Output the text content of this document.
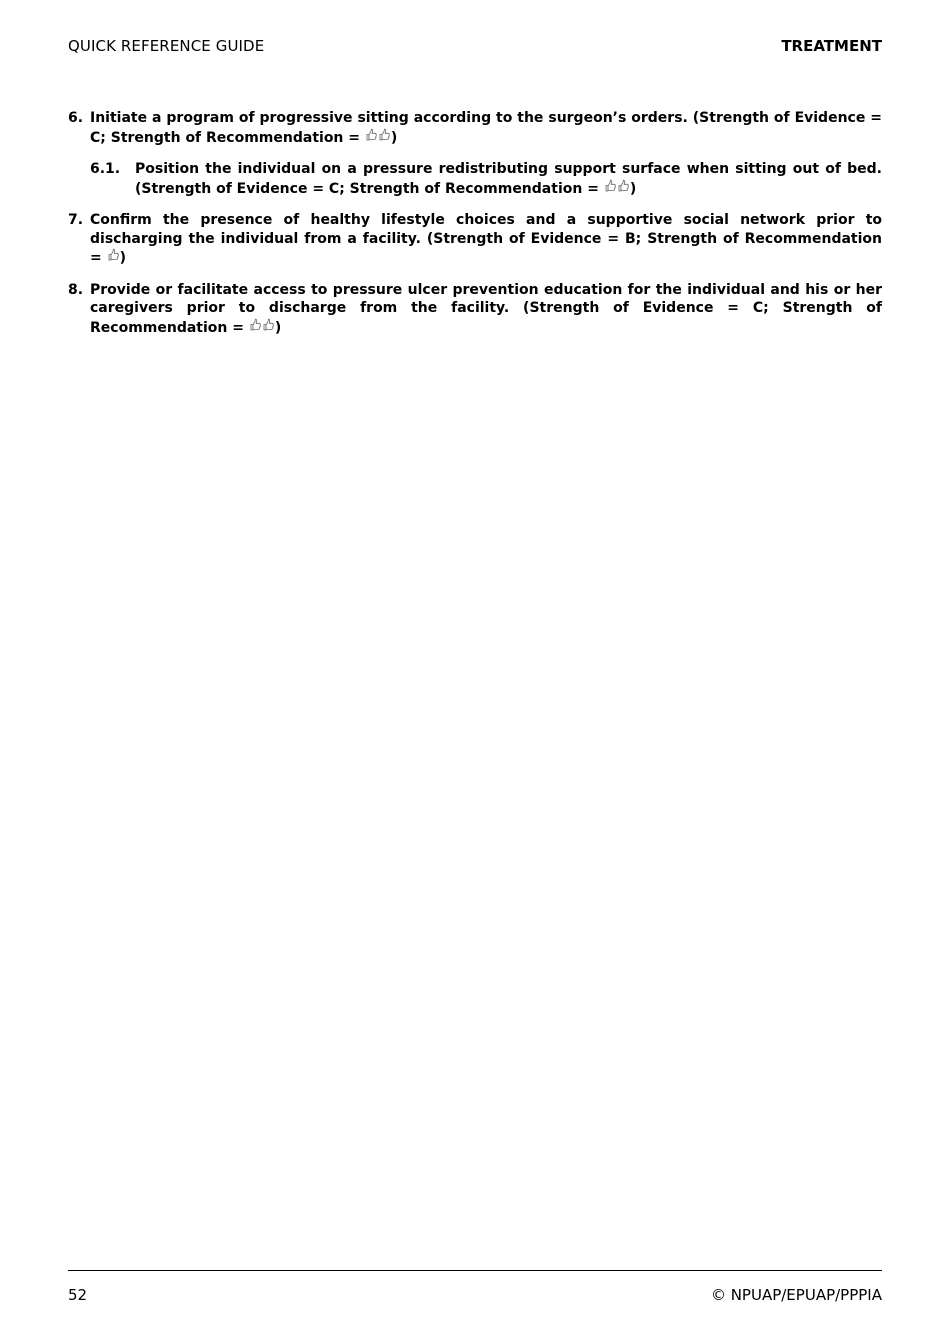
QUICK REFERENCE GUIDE	TREATMENT
6. Initiate a program of progressive sitting according to the surgeon’s orders. (Strength of Evidence = C; Strength of Recommendation = )
6.1. Position the individual on a pressure redistributing support surface when sitting out of bed. (Strength of Evidence = C; Strength of Recommendation = )
7. Confirm the presence of healthy lifestyle choices and a supportive social network prior to discharging the individual from a facility. (Strength of Evidence = B; Strength of Recommendation = )
8. Provide or facilitate access to pressure ulcer prevention education for the individual and his or her caregivers prior to discharge from the facility. (Strength of Evidence = C; Strength of Recommendation = )
52	© NPUAP/EPUAP/PPPIA
